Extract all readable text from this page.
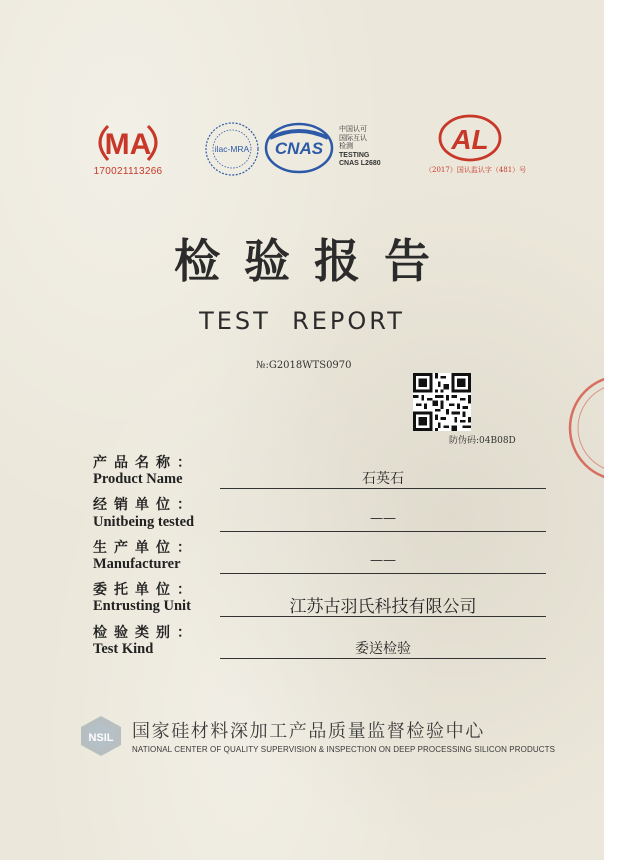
MA
17002111326​6
ilac-MRA CNAS
中国认可
国际互认
检测
TESTING
CNAS L2680
AL
（2017）国认监认字（481）号
检验报告
TEST  REPORT
№:G2018WTS0970
防伪码:04B08D
产品名称：
Product Name	石英石
经销单位：
Unitbeing tested	——
生产单位：
Manufacturer	——
委托单位：
Entrusting Unit	江苏古羽氏科技有限公司
检验类别：
Test Kind	委送检验
NSIL 国家硅材料深加工产品质量监督检验中心
NATIONAL CENTER OF QUALITY SUPERVISION & INSPECTION ON DEEP PROCESSING SILICON PRODUCTS
